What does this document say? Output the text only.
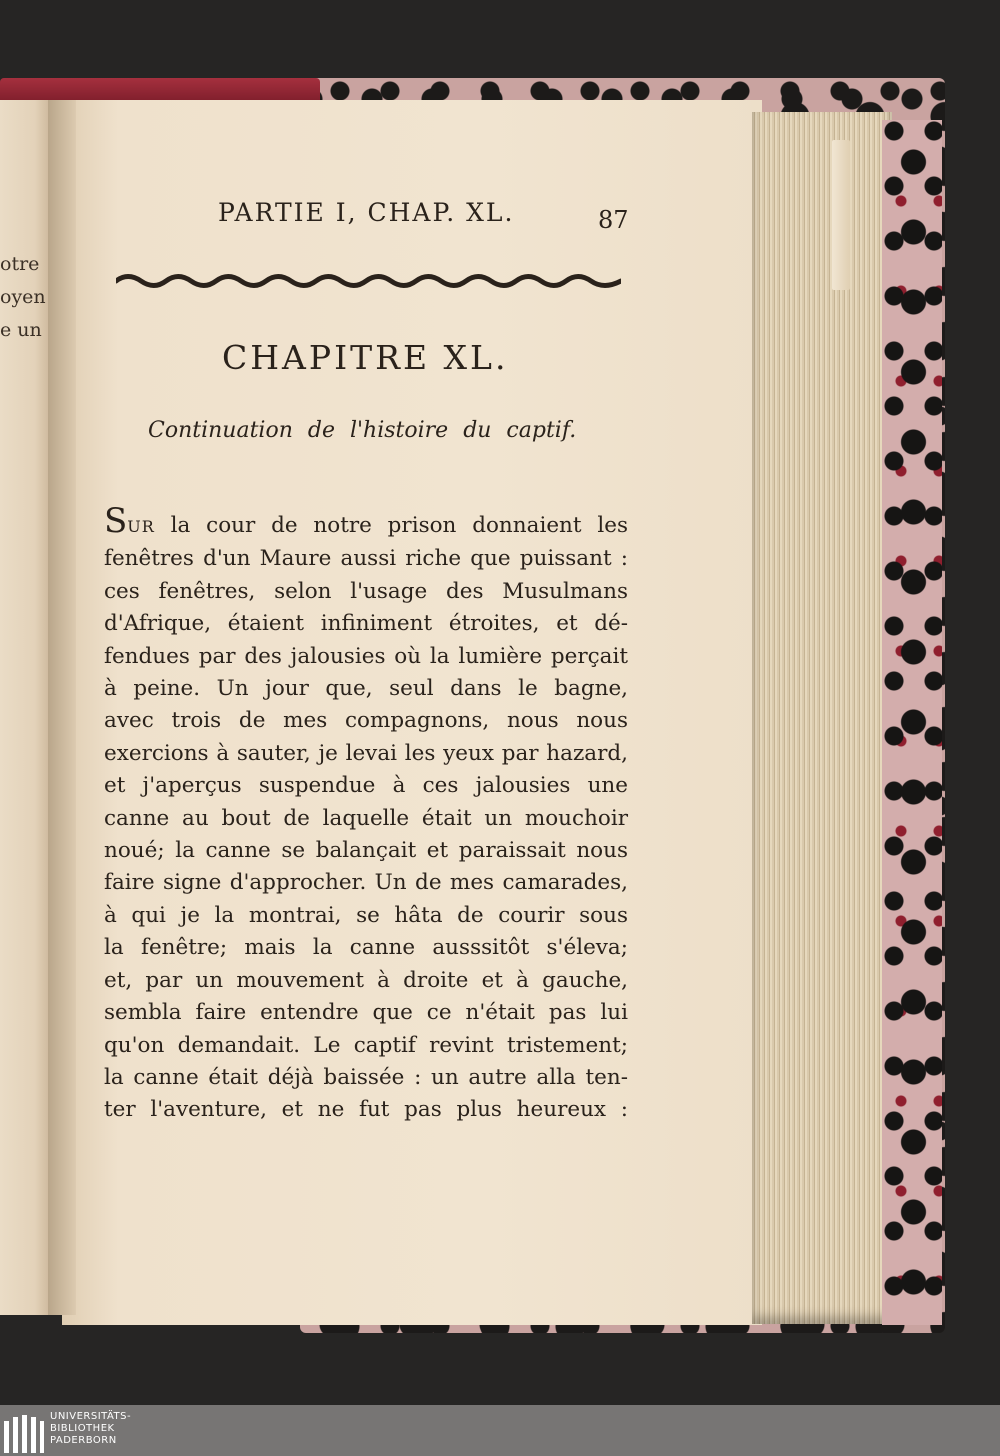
otre
oyen
e un
PARTIE I, CHAP. XL.	87
CHAPITRE XL.
Continuation de l'histoire du captif.
SUR la cour de notre prison donnaient les
fenêtres d'un Maure aussi riche que puissant :
ces fenêtres, selon l'usage des Musulmans
d'Afrique, étaient infiniment étroites, et dé-
fendues par des jalousies où la lumière perçait
à peine. Un jour que, seul dans le bagne,
avec trois de mes compagnons, nous nous
exercions à sauter, je levai les yeux par hazard,
et j'aperçus suspendue à ces jalousies une
canne au bout de laquelle était un mouchoir
noué; la canne se balançait et paraissait nous
faire signe d'approcher. Un de mes camarades,
à qui je la montrai, se hâta de courir sous
la fenêtre; mais la canne ausssitôt s'éleva;
et, par un mouvement à droite et à gauche,
sembla faire entendre que ce n'était pas lui
qu'on demandait. Le captif revint tristement;
la canne était déjà baissée : un autre alla ten-
ter l'aventure, et ne fut pas plus heureux :
UNIVERSITÄTS-
BIBLIOTHEK
PADERBORN
